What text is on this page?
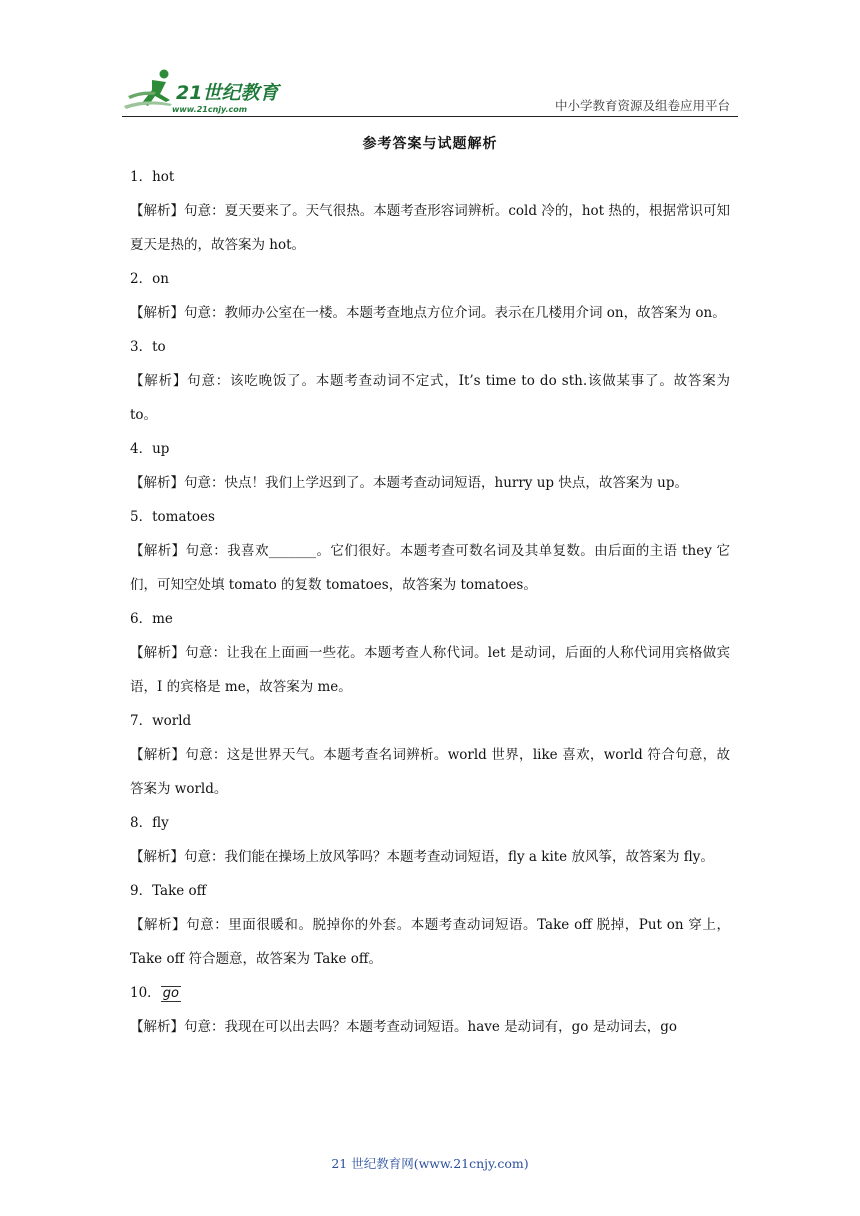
21世纪教育
www.21cnjy.com	中小学教育资源及组卷应用平台
参考答案与试题解析
1．hot
【解析】句意：夏天要来了。天气很热。本题考查形容词辨析。cold 冷的，hot 热的，根据常识可知夏天是热的，故答案为 hot。
2．on
【解析】句意：教师办公室在一楼。本题考查地点方位介词。表示在几楼用介词 on，故答案为 on。
3．to
【解析】句意：该吃晚饭了。本题考查动词不定式，It’s time to do sth.该做某事了。故答案为 to。
4．up
【解析】句意：快点！我们上学迟到了。本题考查动词短语，hurry up 快点，故答案为 up。
5．tomatoes
【解析】句意：我喜欢_______。它们很好。本题考查可数名词及其单复数。由后面的主语 they 它们，可知空处填 tomato 的复数 tomatoes，故答案为 tomatoes。
6．me
【解析】句意：让我在上面画一些花。本题考查人称代词。let 是动词，后面的人称代词用宾格做宾语，I 的宾格是 me，故答案为 me。
7．world
【解析】句意：这是世界天气。本题考查名词辨析。world 世界，like 喜欢，world 符合句意，故答案为 world。
8．fly
【解析】句意：我们能在操场上放风筝吗？本题考查动词短语，fly a kite 放风筝，故答案为 fly。
9．Take off
【解析】句意：里面很暖和。脱掉你的外套。本题考查动词短语。Take off 脱掉，Put on 穿上，Take off 符合题意，故答案为 Take off。
10． go
【解析】句意：我现在可以出去吗？本题考查动词短语。have 是动词有，go 是动词去，go
21 世纪教育网(www.21cnjy.com)
